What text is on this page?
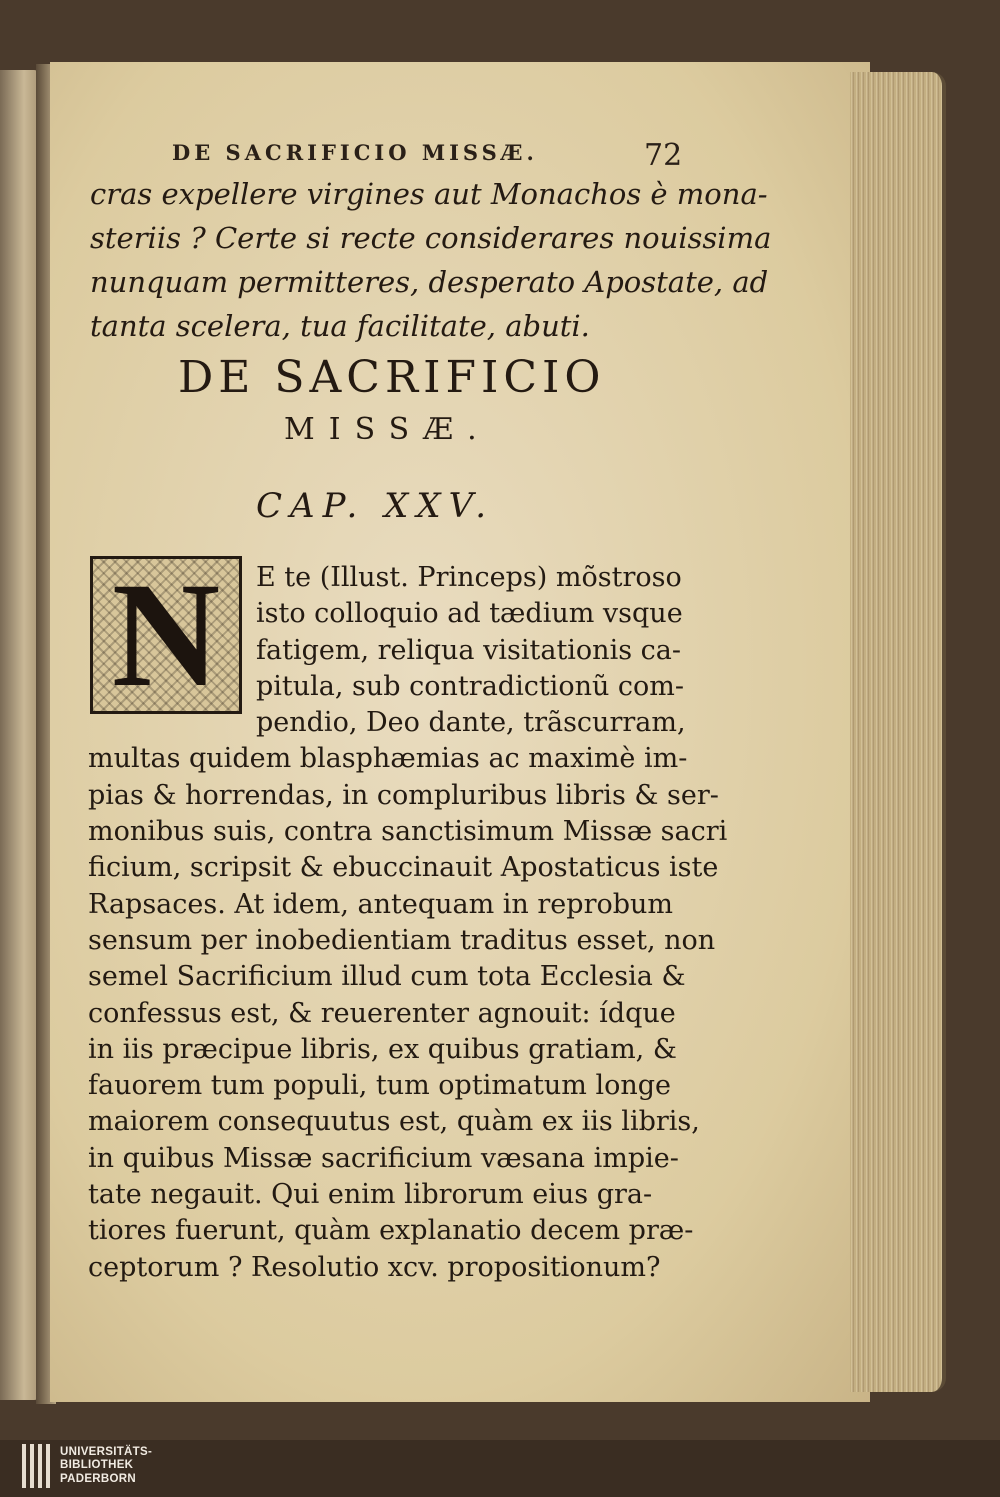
DE SACRIFICIO MISSÆ.	72
cras expellere virgines aut Monachos è mona-
steriis ? Certe si recte considerares nouissima
nunquam permitteres, desperato Apostate, ad
tanta scelera, tua facilitate, abuti.
DE SACRIFICIO
MISSÆ.
CAP. XXV.
N	E te (Illust. Princeps) mõstroso
isto colloquio ad tædium vsque
fatigem, reliqua visitationis ca-
pitula, sub contradictionũ com-
pendio, Deo dante, trãscurram,
multas quidem blasphæmias ac maximè im-
pias & horrendas, in compluribus libris & ser-
monibus suis, contra sanctisimum Missæ sacri
ficium, scripsit & ebuccinauit Apostaticus iste
Rapsaces. At idem, antequam in reprobum
sensum per inobedientiam traditus esset, non
semel Sacrificium illud cum tota Ecclesia &
confessus est, & reuerenter agnouit: ídque
in iis præcipue libris, ex quibus gratiam, &
fauorem tum populi, tum optimatum longe
maiorem consequutus est, quàm ex iis libris,
in quibus Missæ sacrificium væsana impie-
tate negauit. Qui enim librorum eius gra-
tiores fuerunt, quàm explanatio decem præ-
ceptorum ? Resolutio xcv. propositionum?
UNIVERSITÄTS-
BIBLIOTHEK
PADERBORN
